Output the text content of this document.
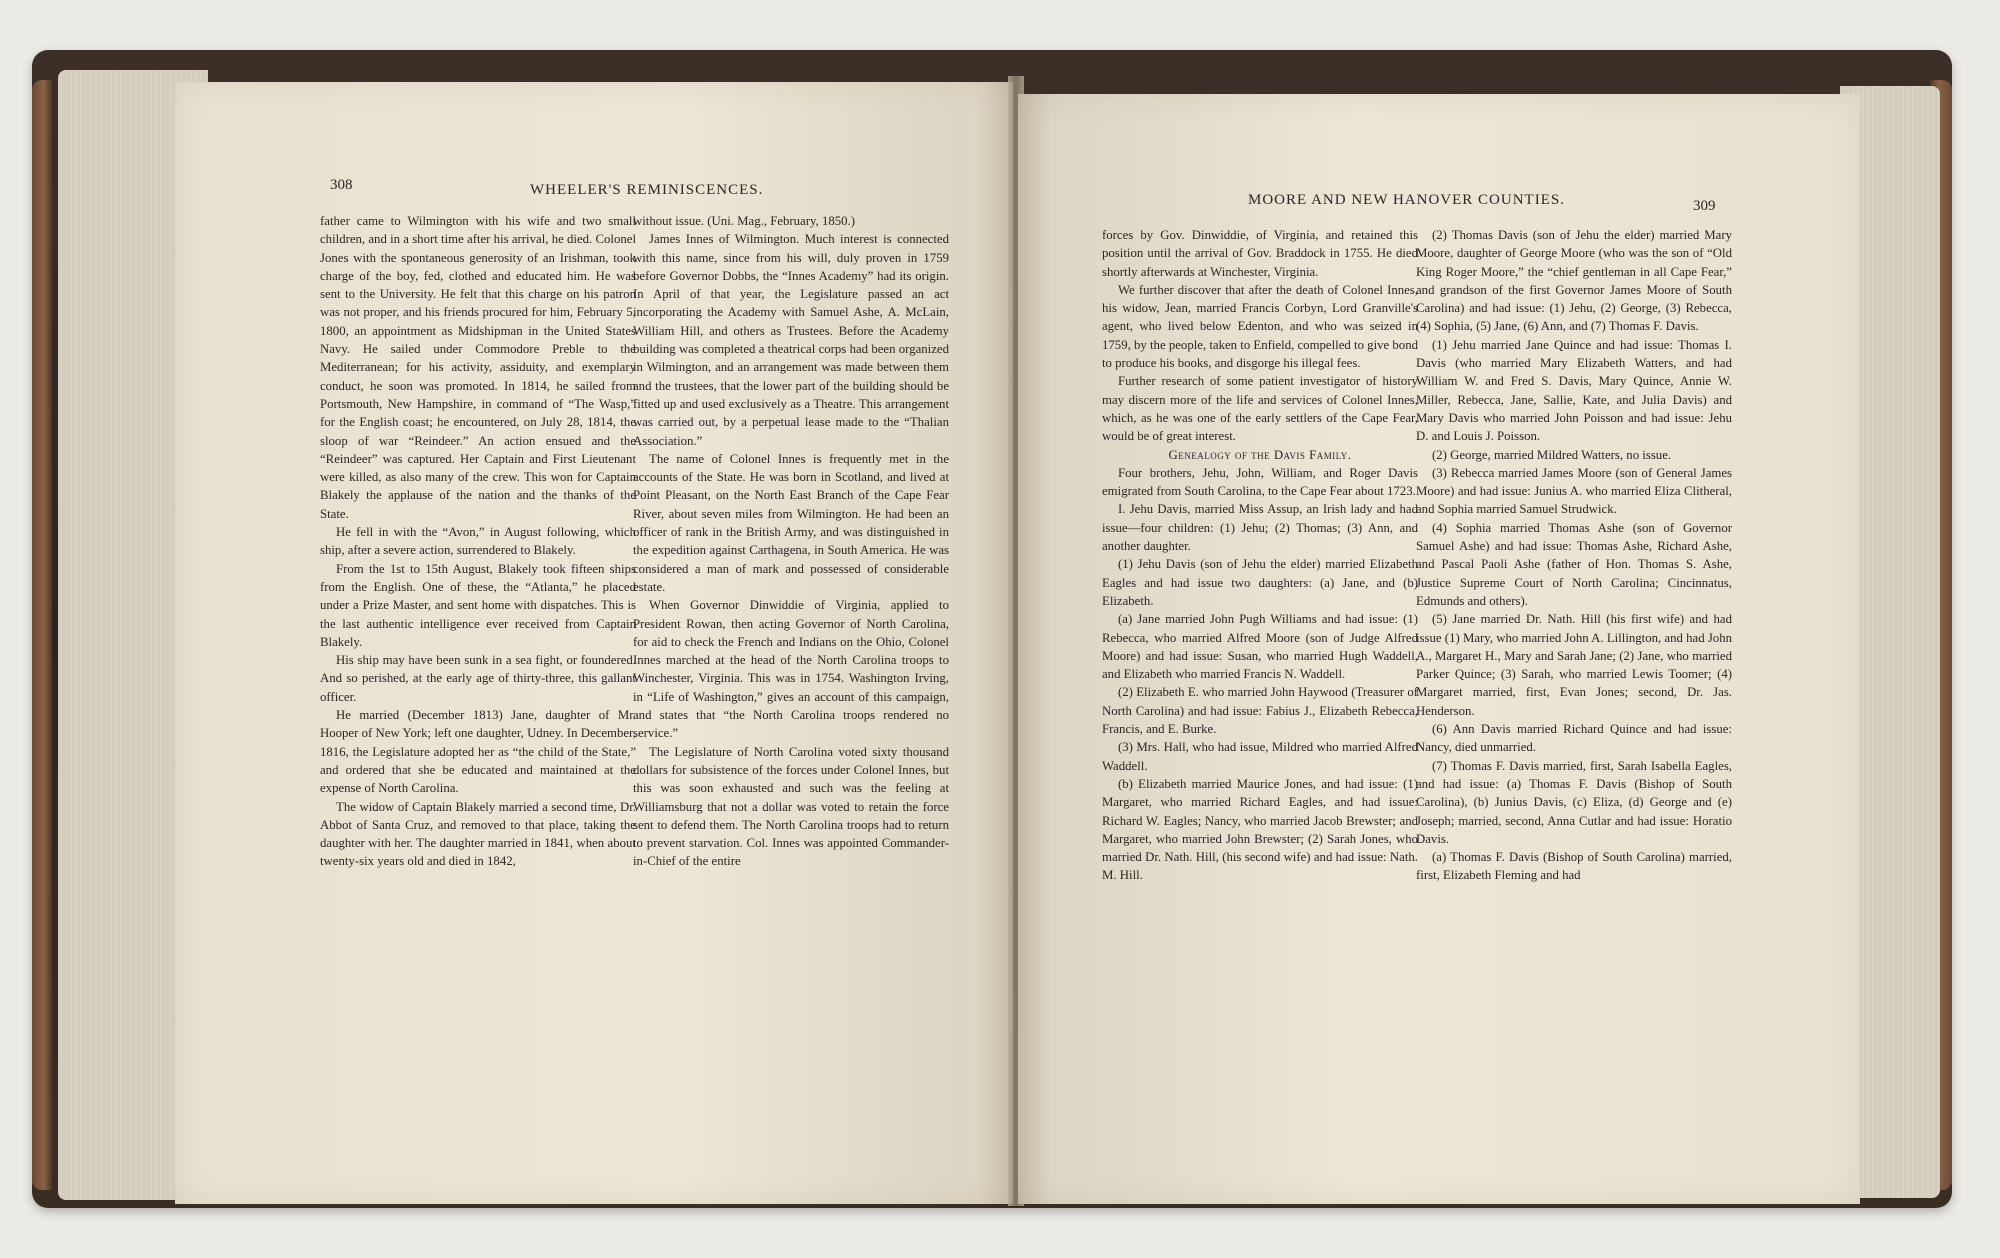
308	WHEELER'S REMINISCENCES.

father came to Wilmington with his wife and two small children, and in a short time after his arrival, he died. Colonel Jones with the spontaneous generosity of an Irishman, took charge of the boy, fed, clothed and educated him. He was sent to the University. He felt that this charge on his patron was not proper, and his friends procured for him, February 5, 1800, an appointment as Midshipman in the United States Navy. He sailed under Commodore Preble to the Mediterranean; for his activity, assiduity, and exemplary conduct, he soon was promoted. In 1814, he sailed from Portsmouth, New Hampshire, in command of “The Wasp,” for the English coast; he encountered, on July 28, 1814, the sloop of war “Reindeer.” An action ensued and the “Reindeer” was captured. Her Captain and First Lieutenant were killed, as also many of the crew. This won for Captain Blakely the applause of the nation and the thanks of the State.

He fell in with the “Avon,” in August following, which ship, after a severe action, surrendered to Blakely.

From the 1st to 15th August, Blakely took fifteen ships from the English. One of these, the “Atlanta,” he placed under a Prize Master, and sent home with dispatches. This is the last authentic intelligence ever received from Captain Blakely.

His ship may have been sunk in a sea fight, or foundered. And so perished, at the early age of thirty-three, this gallant officer.

He married (December 1813) Jane, daughter of Mr. Hooper of New York; left one daughter, Udney. In December, 1816, the Legislature adopted her as “the child of the State,” and ordered that she be educated and maintained at the expense of North Carolina.

The widow of Captain Blakely married a second time, Dr. Abbot of Santa Cruz, and removed to that place, taking the daughter with her. The daughter married in 1841, when about twenty-six years old and died in 1842,

without issue. (Uni. Mag., February, 1850.)

James Innes of Wilmington. Much interest is connected with this name, since from his will, duly proven in 1759 before Governor Dobbs, the “Innes Academy” had its origin. In April of that year, the Legislature passed an act incorporating the Academy with Samuel Ashe, A. McLain, William Hill, and others as Trustees. Before the Academy building was completed a theatrical corps had been organized in Wilmington, and an arrangement was made between them and the trustees, that the lower part of the building should be fitted up and used exclusively as a Theatre. This arrangement was carried out, by a perpetual lease made to the “Thalian Association.”

The name of Colonel Innes is frequently met in the accounts of the State. He was born in Scotland, and lived at Point Pleasant, on the North East Branch of the Cape Fear River, about seven miles from Wilmington. He had been an officer of rank in the British Army, and was distinguished in the expedition against Carthagena, in South America. He was considered a man of mark and possessed of considerable estate.

When Governor Dinwiddie of Virginia, applied to President Rowan, then acting Governor of North Carolina, for aid to check the French and Indians on the Ohio, Colonel Innes marched at the head of the North Carolina troops to Winchester, Virginia. This was in 1754. Washington Irving, in “Life of Washington,” gives an account of this campaign, and states that “the North Carolina troops rendered no service.”

The Legislature of North Carolina voted sixty thousand dollars for subsistence of the forces under Colonel Innes, but this was soon exhausted and such was the feeling at Williamsburg that not a dollar was voted to retain the force sent to defend them. The North Carolina troops had to return to prevent starvation. Col. Innes was appointed Commander-in-Chief of the entire

MOORE AND NEW HANOVER COUNTIES.	309

forces by Gov. Dinwiddie, of Virginia, and retained this position until the arrival of Gov. Braddock in 1755. He died shortly afterwards at Winchester, Virginia.

We further discover that after the death of Colonel Innes, his widow, Jean, married Francis Corbyn, Lord Granville's agent, who lived below Edenton, and who was seized in 1759, by the people, taken to Enfield, compelled to give bond to produce his books, and disgorge his illegal fees.

Further research of some patient investigator of history may discern more of the life and services of Colonel Innes, which, as he was one of the early settlers of the Cape Fear, would be of great interest.

Genealogy of the Davis Family.

Four brothers, Jehu, John, William, and Roger Davis emigrated from South Carolina, to the Cape Fear about 1723.

I. Jehu Davis, married Miss Assup, an Irish lady and had issue—four children: (1) Jehu; (2) Thomas; (3) Ann, and another daughter.

(1) Jehu Davis (son of Jehu the elder) married Elizabeth Eagles and had issue two daughters: (a) Jane, and (b) Elizabeth.

(a) Jane married John Pugh Williams and had issue: (1) Rebecca, who married Alfred Moore (son of Judge Alfred Moore) and had issue: Susan, who married Hugh Waddell, and Elizabeth who married Francis N. Waddell.

(2) Elizabeth E. who married John Haywood (Treasurer of North Carolina) and had issue: Fabius J., Elizabeth Rebecca, Francis, and E. Burke.

(3) Mrs. Hall, who had issue, Mildred who married Alfred Waddell.

(b) Elizabeth married Maurice Jones, and had issue: (1) Margaret, who married Richard Eagles, and had issue: Richard W. Eagles; Nancy, who married Jacob Brewster; and Margaret, who married John Brewster; (2) Sarah Jones, who married Dr. Nath. Hill, (his second wife) and had issue: Nath. M. Hill.

(2) Thomas Davis (son of Jehu the elder) married Mary Moore, daughter of George Moore (who was the son of “Old King Roger Moore,” the “chief gentleman in all Cape Fear,” and grandson of the first Governor James Moore of South Carolina) and had issue: (1) Jehu, (2) George, (3) Rebecca, (4) Sophia, (5) Jane, (6) Ann, and (7) Thomas F. Davis.

(1) Jehu married Jane Quince and had issue: Thomas I. Davis (who married Mary Elizabeth Watters, and had William W. and Fred S. Davis, Mary Quince, Annie W. Miller, Rebecca, Jane, Sallie, Kate, and Julia Davis) and Mary Davis who married John Poisson and had issue: Jehu D. and Louis J. Poisson.

(2) George, married Mildred Watters, no issue.

(3) Rebecca married James Moore (son of General James Moore) and had issue: Junius A. who married Eliza Clitheral, and Sophia married Samuel Strudwick.

(4) Sophia married Thomas Ashe (son of Governor Samuel Ashe) and had issue: Thomas Ashe, Richard Ashe, and Pascal Paoli Ashe (father of Hon. Thomas S. Ashe, Justice Supreme Court of North Carolina; Cincinnatus, Edmunds and others).

(5) Jane married Dr. Nath. Hill (his first wife) and had issue (1) Mary, who married John A. Lillington, and had John A., Margaret H., Mary and Sarah Jane; (2) Jane, who married Parker Quince; (3) Sarah, who married Lewis Toomer; (4) Margaret married, first, Evan Jones; second, Dr. Jas. Henderson.

(6) Ann Davis married Richard Quince and had issue: Nancy, died unmarried.

(7) Thomas F. Davis married, first, Sarah Isabella Eagles, and had issue: (a) Thomas F. Davis (Bishop of South Carolina), (b) Junius Davis, (c) Eliza, (d) George and (e) Joseph; married, second, Anna Cutlar and had issue: Horatio Davis.

(a) Thomas F. Davis (Bishop of South Carolina) married, first, Elizabeth Fleming and had
